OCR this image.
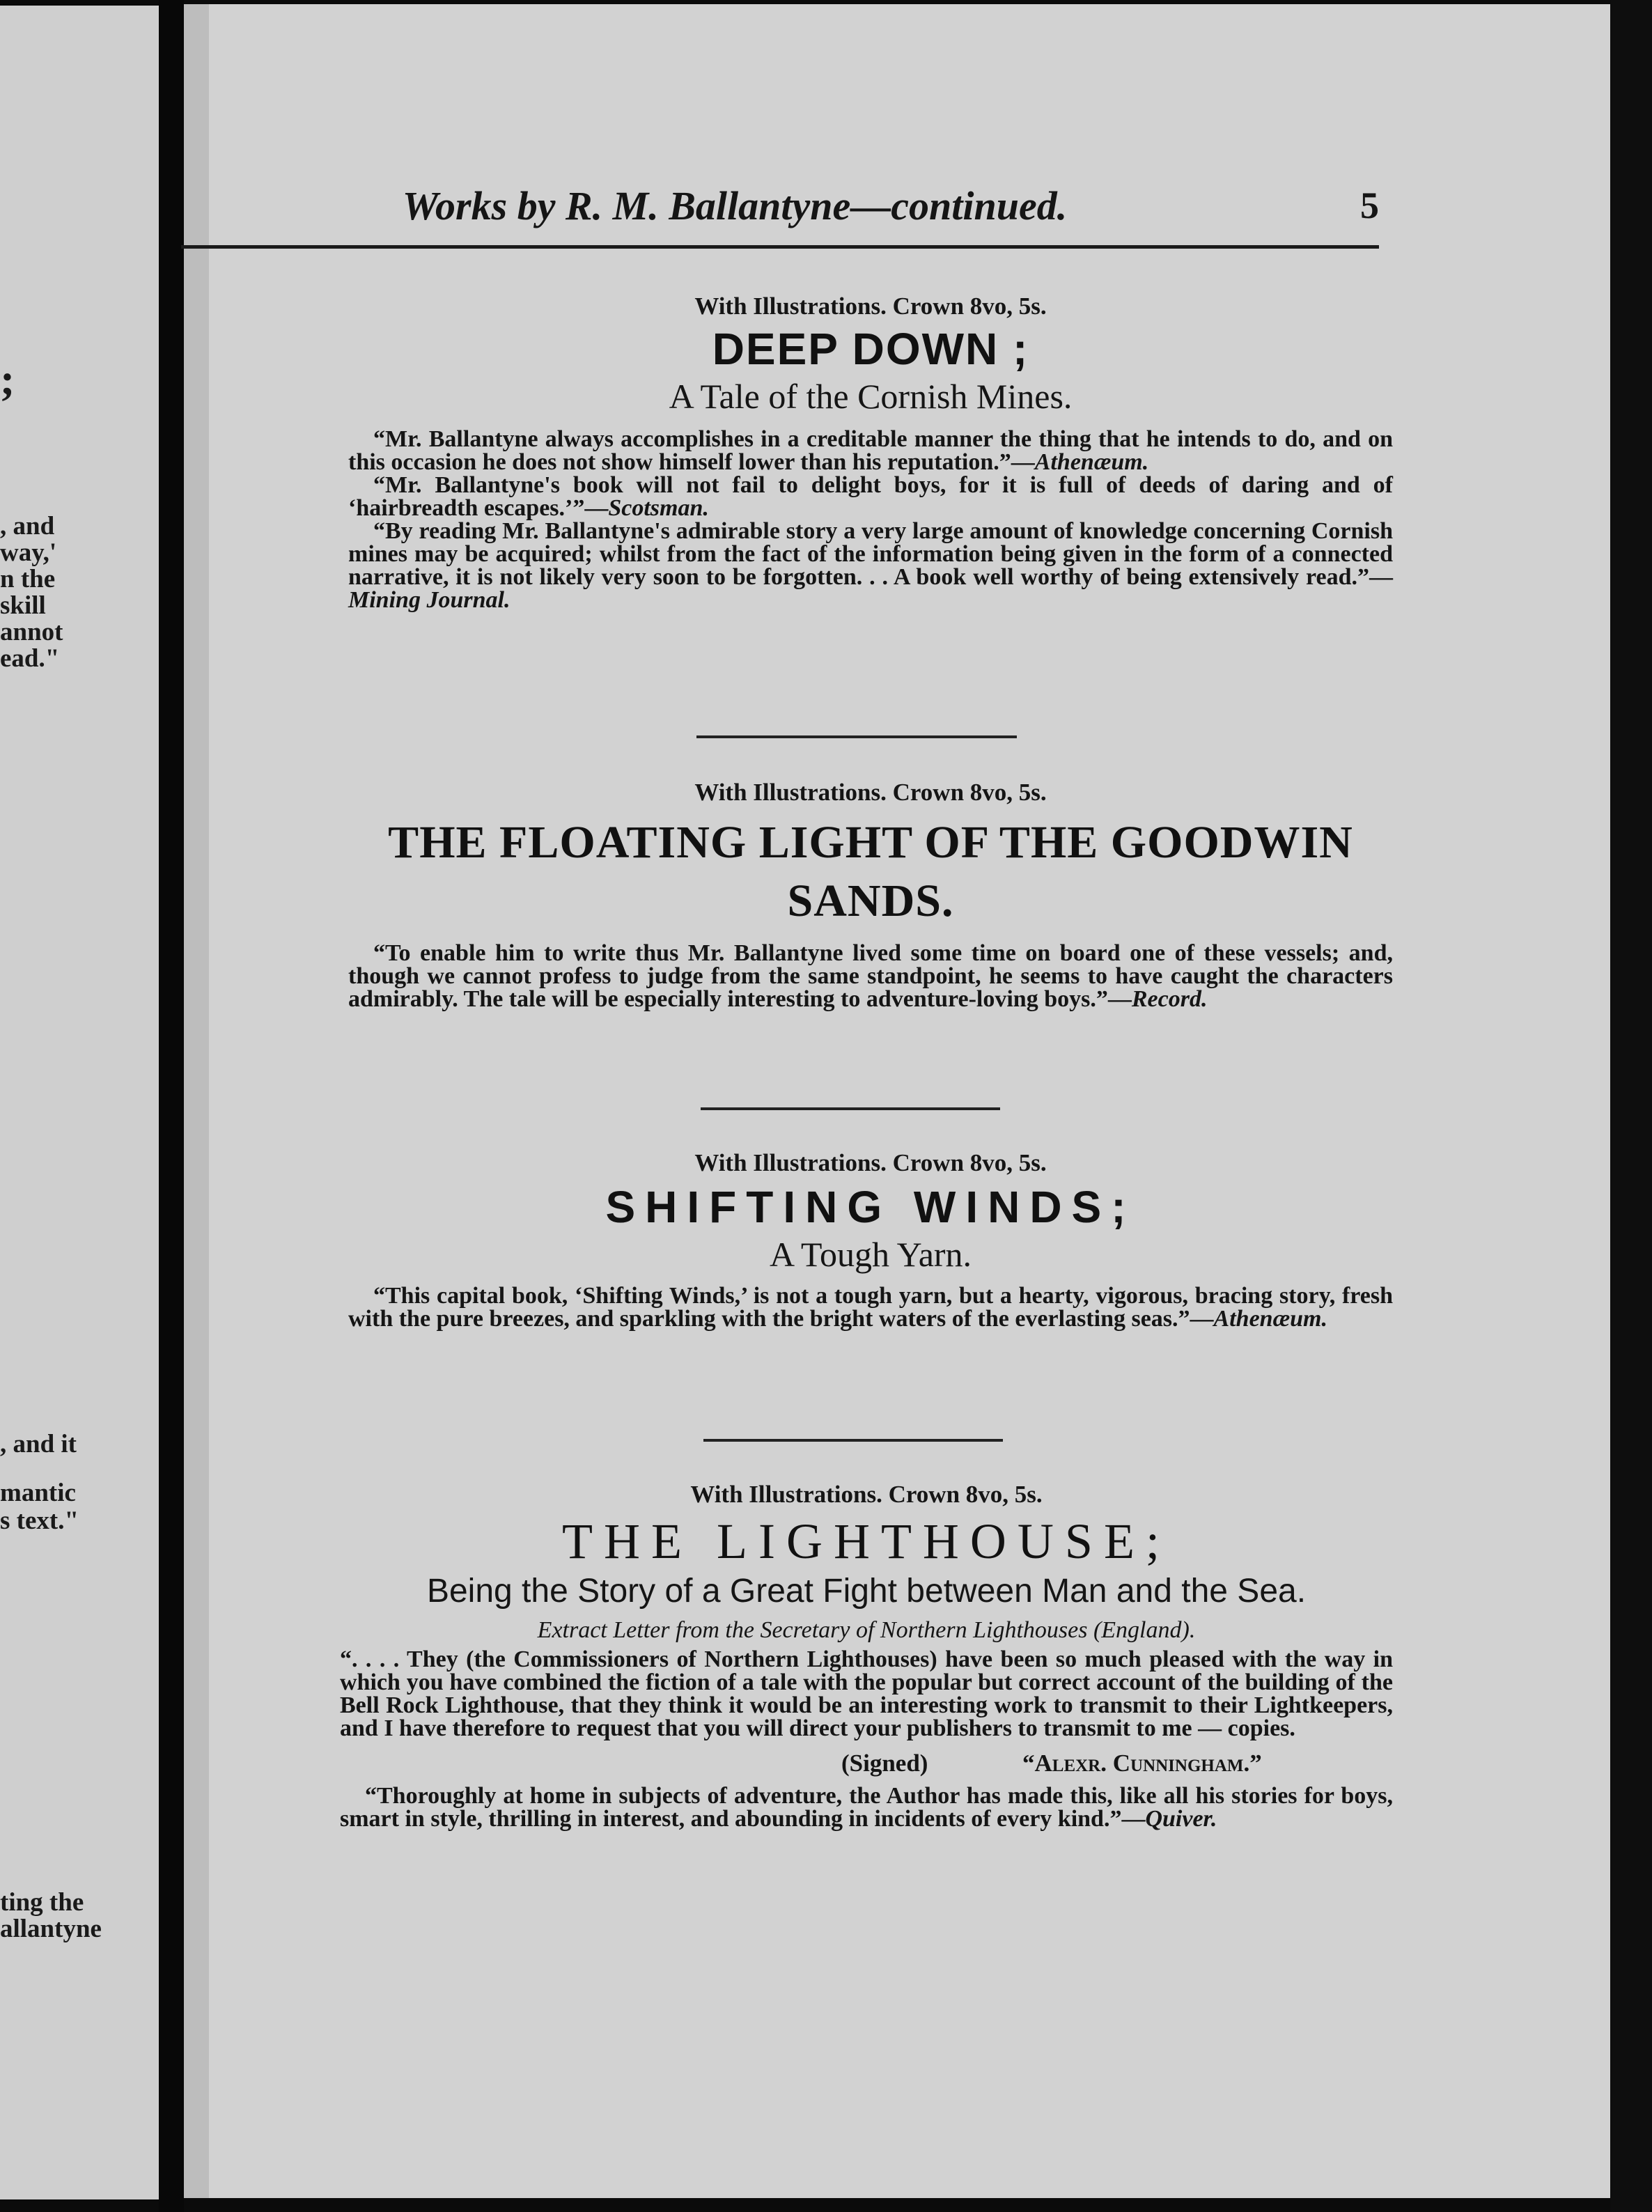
;
, and
way,'
n the
skill
annot
ead."
, and it
mantic
s text."
ting the
allantyne
Works by R. M. Ballantyne—continued.	5
With Illustrations. Crown 8vo, 5s.
DEEP DOWN ;
A Tale of the Cornish Mines.
“Mr. Ballantyne always accomplishes in a creditable manner the thing that he intends to do, and on this occasion he does not show himself lower than his reputation.”—Athenæum.
“Mr. Ballantyne's book will not fail to delight boys, for it is full of deeds of daring and of ‘hairbreadth escapes.’”—Scotsman.
“By reading Mr. Ballantyne's admirable story a very large amount of knowledge concerning Cornish mines may be acquired; whilst from the fact of the information being given in the form of a connected narrative, it is not likely very soon to be forgotten. . . A book well worthy of being extensively read.”—Mining Journal.
With Illustrations. Crown 8vo, 5s.
THE FLOATING LIGHT OF THE GOODWIN
SANDS.
“To enable him to write thus Mr. Ballantyne lived some time on board one of these vessels; and, though we cannot profess to judge from the same standpoint, he seems to have caught the characters admirably. The tale will be especially interesting to adventure-loving boys.”—Record.
With Illustrations. Crown 8vo, 5s.
SHIFTING WINDS;
A Tough Yarn.
“This capital book, ‘Shifting Winds,’ is not a tough yarn, but a hearty, vigorous, bracing story, fresh with the pure breezes, and sparkling with the bright waters of the everlasting seas.”—Athenæum.
With Illustrations. Crown 8vo, 5s.
THE LIGHTHOUSE;
Being the Story of a Great Fight between Man and the Sea.
Extract Letter from the Secretary of Northern Lighthouses (England).
“. . . . They (the Commissioners of Northern Lighthouses) have been so much pleased with the way in which you have combined the fiction of a tale with the popular but correct account of the building of the Bell Rock Lighthouse, that they think it would be an interesting work to transmit to their Lightkeepers, and I have therefore to request that you will direct your publishers to transmit to me — copies.
(Signed)	“Alexr. Cunningham.”
“Thoroughly at home in subjects of adventure, the Author has made this, like all his stories for boys, smart in style, thrilling in interest, and abounding in incidents of every kind.”—Quiver.
